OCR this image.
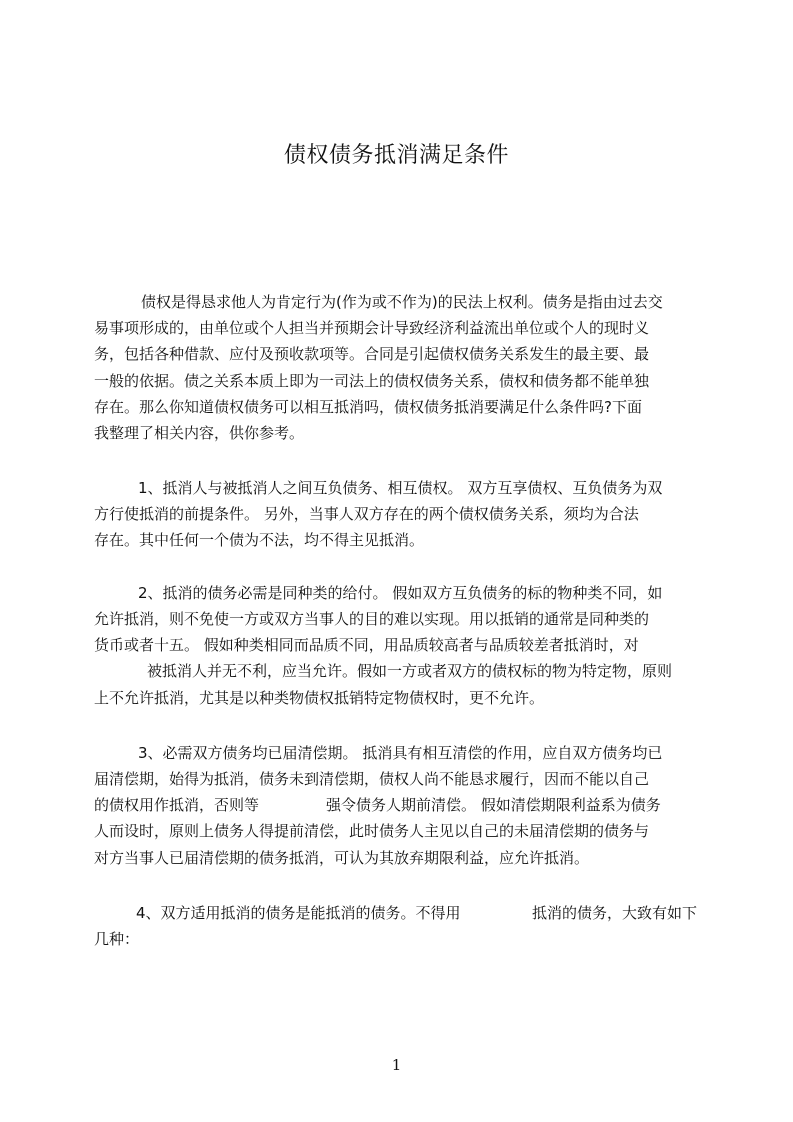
债权债务抵消满足条件
债权是得恳求他人为肯定行为(作为或不作为)的民法上权利。债务是指由过去交
易事项形成的，由单位或个人担当并预期会计导致经济利益流出单位或个人的现时义
务，包括各种借款、应付及预收款项等。合同是引起债权债务关系发生的最主要、最
一般的依据。债之关系本质上即为一司法上的债权债务关系，债权和债务都不能单独
存在。那么你知道债权债务可以相互抵消吗，债权债务抵消要满足什么条件吗?下面
我整理了相关内容，供你参考。
1、抵消人与被抵消人之间互负债务、相互债权。 双方互享债权、互负债务为双
方行使抵消的前提条件。 另外，当事人双方存在的两个债权债务关系，须均为合法
存在。其中任何一个债为不法，均不得主见抵消。
2、抵消的债务必需是同种类的给付。 假如双方互负债务的标的物种类不同，如
允许抵消，则不免使一方或双方当事人的目的难以实现。用以抵销的通常是同种类的
货币或者十五。 假如种类相同而品质不同，用品质较高者与品质较差者抵消时，对
被抵消人并无不利，应当允许。假如一方或者双方的债权标的物为特定物，原则
上不允许抵消，尤其是以种类物债权抵销特定物债权时，更不允许。
3、必需双方债务均已届清偿期。 抵消具有相互清偿的作用，应自双方债务均已
届清偿期，始得为抵消，债务未到清偿期，债权人尚不能恳求履行，因而不能以自己
的债权用作抵消，否则等	强令债务人期前清偿。 假如清偿期限利益系为债务
人而设时，原则上债务人得提前清偿，此时债务人主见以自己的未届清偿期的债务与
对方当事人已届清偿期的债务抵消，可认为其放弃期限利益，应允许抵消。
4、双方适用抵消的债务是能抵消的债务。不得用	抵消的债务，大致有如下
几种：
1
